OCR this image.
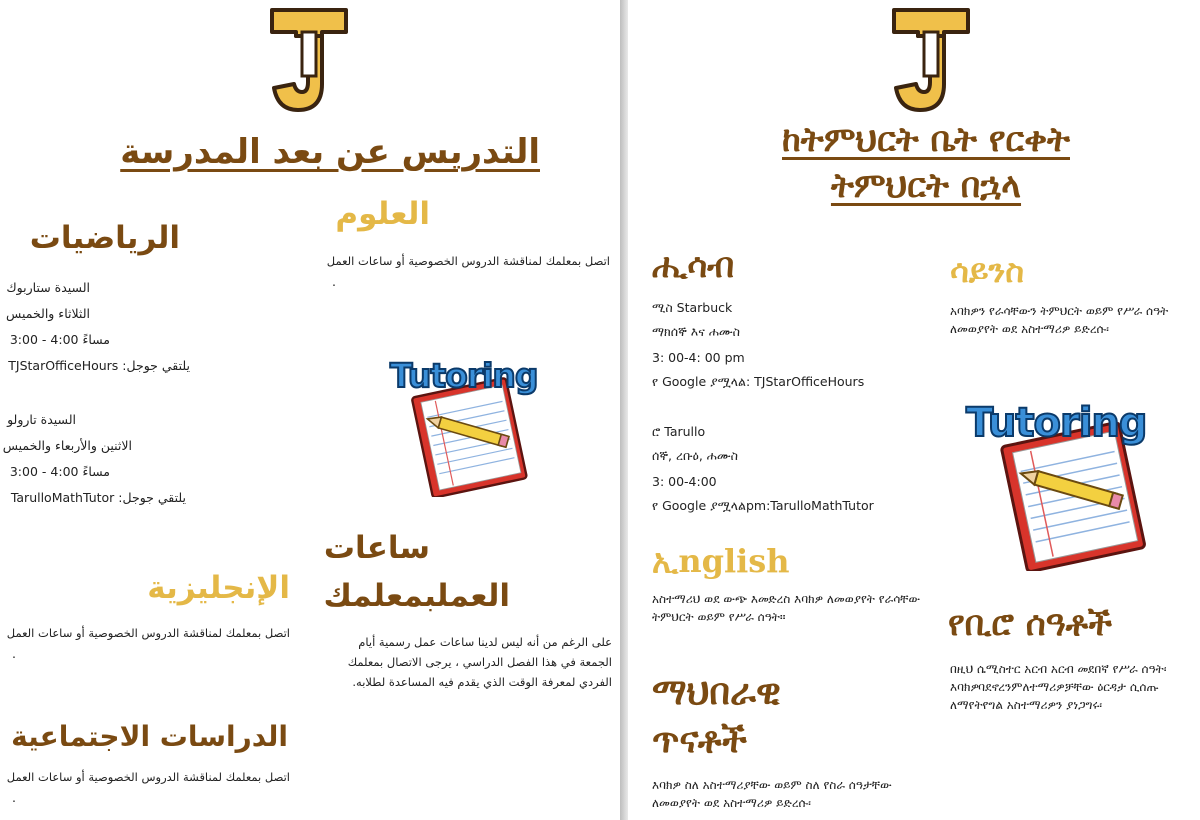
التدريس عن بعد المدرسة
الرياضيات
السيدة ستاربوك
الثلاثاء والخميس
مساءً 4:00 - 3:00
يلتقي جوجل: TJStarOfficeHours
السيدة تارولو
الاثنين والأربعاء والخميس
مساءً 4:00 - 3:00
يلتقي جوجل: TarulloMathTutor
العلوم
اتصل بمعلمك لمناقشة الدروس الخصوصية أو ساعات العمل
.
Tutoring
الإنجليزية
اتصل بمعلمك لمناقشة الدروس الخصوصية أو ساعات العمل
.
ساعات
العملبمعلمك
على الرغم من أنه ليس لدينا ساعات عمل رسمية أيام الجمعة في هذا الفصل الدراسي ، يرجى الاتصال بمعلمك الفردي لمعرفة الوقت الذي يقدم فيه المساعدة لطلابه.
الدراسات الاجتماعية
اتصل بمعلمك لمناقشة الدروس الخصوصية أو ساعات العمل
.
ከትምህርት ቤት የርቀት
ትምህርት በኋላ
ሒሳብ
ሚስ Starbuck
ማክሰኞ እና ሐሙስ
3: 00-4: 00 pm
የ Google ያሟላል: TJStarOfficeHours
ሮ Tarullo
ሰኞ, ረቡዕ, ሐሙስ
3: 00-4:00
የ Google ያሟላልpm:TarulloMathTutor
ኢnglish
አስተማሪህ ወደ ውጭ እመድረስ እባክዎ ለመወያየት የራሳቸው ትምህርት ወይም የሥራ ሰዓት።
ማህበራዊ
ጥናቶች
እባክዎ ስለ አስተማሪያቸው ወይም ስለ የስራ ሰዓታቸው ለመወያየት ወደ አስተማሪዎ ይድረሱ፡
ሳይንስ
አባክዎን የራሳቸውን ትምህርት ወይም የሥራ ሰዓት ለመወያየት ወደ አስተማሪዎ ይድረሱ፡
Tutoring
የቢሮ ሰዓቶች
በዚህ ሴሚስተር አርብ አርብ መደበኛ የሥራ ሰዓት፡እባክዎባደኖረንምለተማሪዎቻቸው ዕርዳታ ሲሰጡ ለማየትየግል አስተማሪዎን ያነጋግሩ፡
